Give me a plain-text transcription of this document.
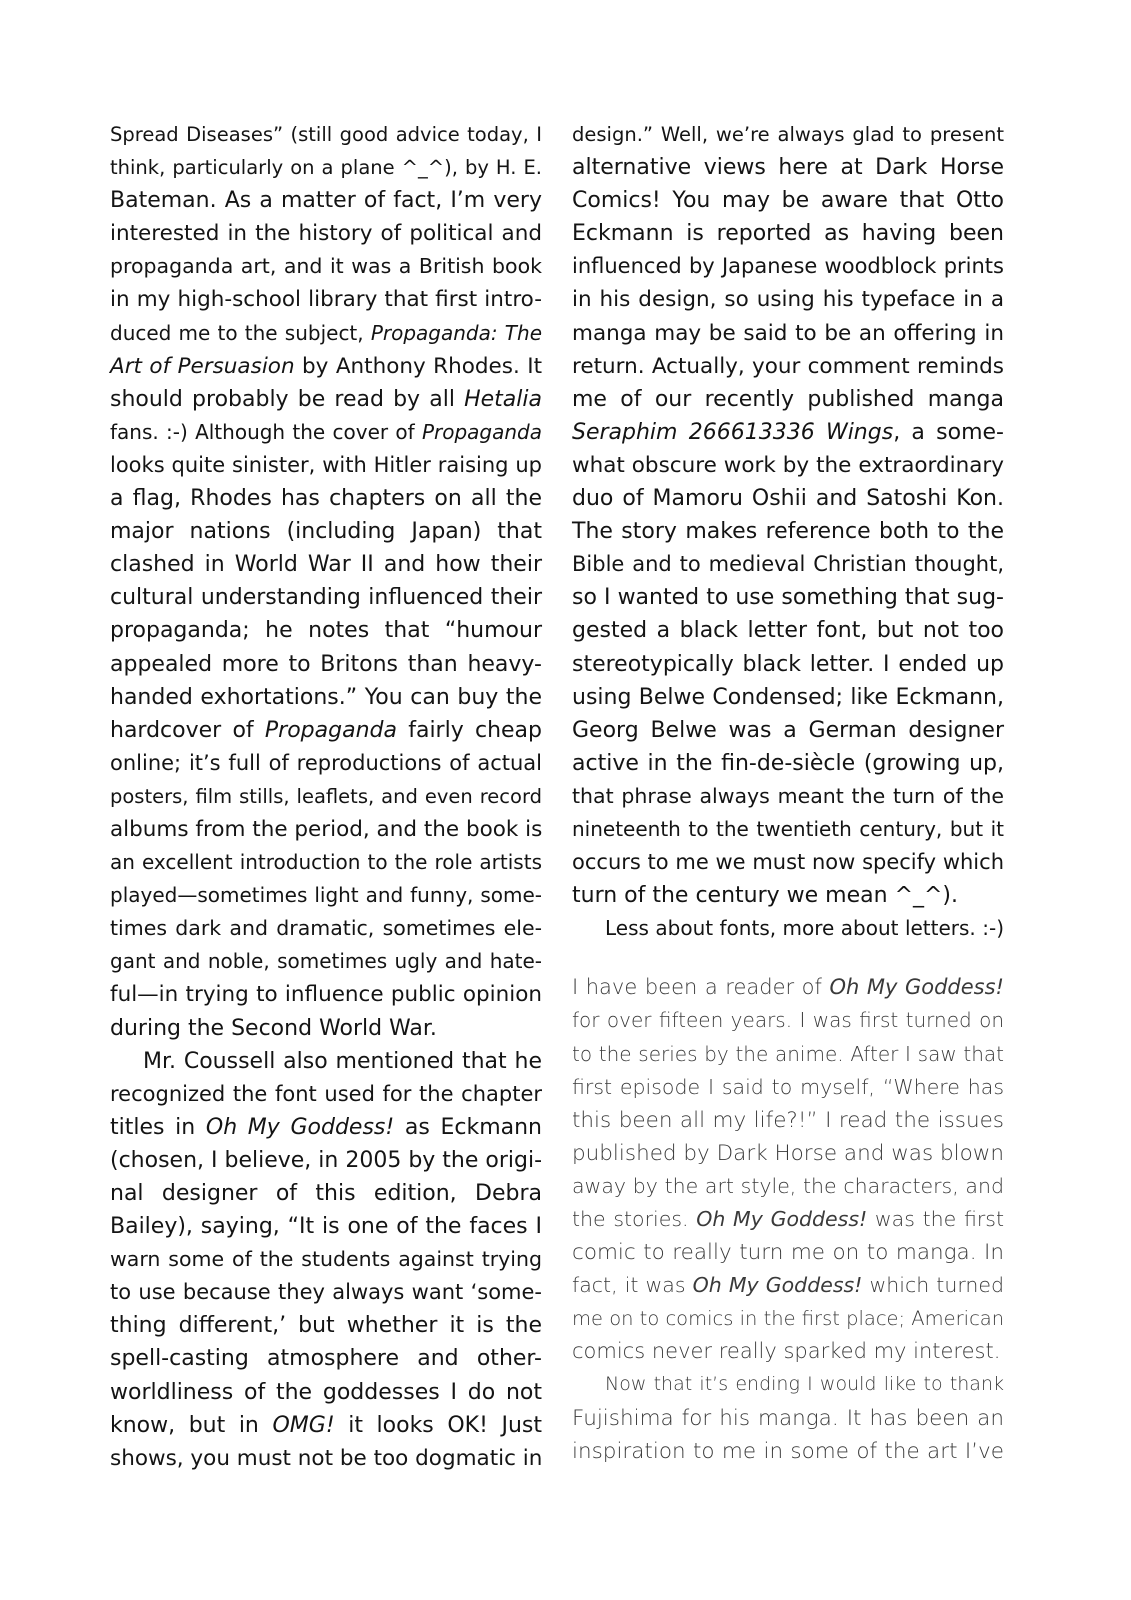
Spread Diseases” (still good advice today, I
think, particularly on a plane ^_^), by H. E.
Bateman. As a matter of fact, I’m very
interested in the history of political and
propaganda art, and it was a British book
in my high-school library that first intro-
duced me to the subject, Propaganda: The
Art of Persuasion by Anthony Rhodes. It
should probably be read by all Hetalia
fans. :-) Although the cover of Propaganda
looks quite sinister, with Hitler raising up
a flag, Rhodes has chapters on all the
major nations (including Japan) that
clashed in World War II and how their
cultural understanding influenced their
propaganda; he notes that “humour
appealed more to Britons than heavy-
handed exhortations.” You can buy the
hardcover of Propaganda fairly cheap
online; it’s full of reproductions of actual
posters, film stills, leaflets, and even record
albums from the period, and the book is
an excellent introduction to the role artists
played—sometimes light and funny, some-
times dark and dramatic, sometimes ele-
gant and noble, sometimes ugly and hate-
ful—in trying to influence public opinion
during the Second World War.
Mr. Coussell also mentioned that he
recognized the font used for the chapter
titles in Oh My Goddess! as Eckmann
(chosen, I believe, in 2005 by the origi-
nal designer of this edition, Debra
Bailey), saying, “It is one of the faces I
warn some of the students against trying
to use because they always want ‘some-
thing different,’ but whether it is the
spell-casting atmosphere and other-
worldliness of the goddesses I do not
know, but in OMG! it looks OK! Just
shows, you must not be too dogmatic in
design.” Well, we’re always glad to present
alternative views here at Dark Horse
Comics! You may be aware that Otto
Eckmann is reported as having been
influenced by Japanese woodblock prints
in his design, so using his typeface in a
manga may be said to be an offering in
return. Actually, your comment reminds
me of our recently published manga
Seraphim 266613336 Wings, a some-
what obscure work by the extraordinary
duo of Mamoru Oshii and Satoshi Kon.
The story makes reference both to the
Bible and to medieval Christian thought,
so I wanted to use something that sug-
gested a black letter font, but not too
stereotypically black letter. I ended up
using Belwe Condensed; like Eckmann,
Georg Belwe was a German designer
active in the fin-de-siècle (growing up,
that phrase always meant the turn of the
nineteenth to the twentieth century, but it
occurs to me we must now specify which
turn of the century we mean ^_^).
Less about fonts, more about letters. :-)
I have been a reader of Oh My Goddess!
for over fifteen years. I was first turned on
to the series by the anime. After I saw that
first episode I said to myself, “Where has
this been all my life?!” I read the issues
published by Dark Horse and was blown
away by the art style, the characters, and
the stories. Oh My Goddess! was the first
comic to really turn me on to manga. In
fact, it was Oh My Goddess! which turned
me on to comics in the first place; American
comics never really sparked my interest.
Now that it’s ending I would like to thank
Fujishima for his manga. It has been an
inspiration to me in some of the art I’ve
